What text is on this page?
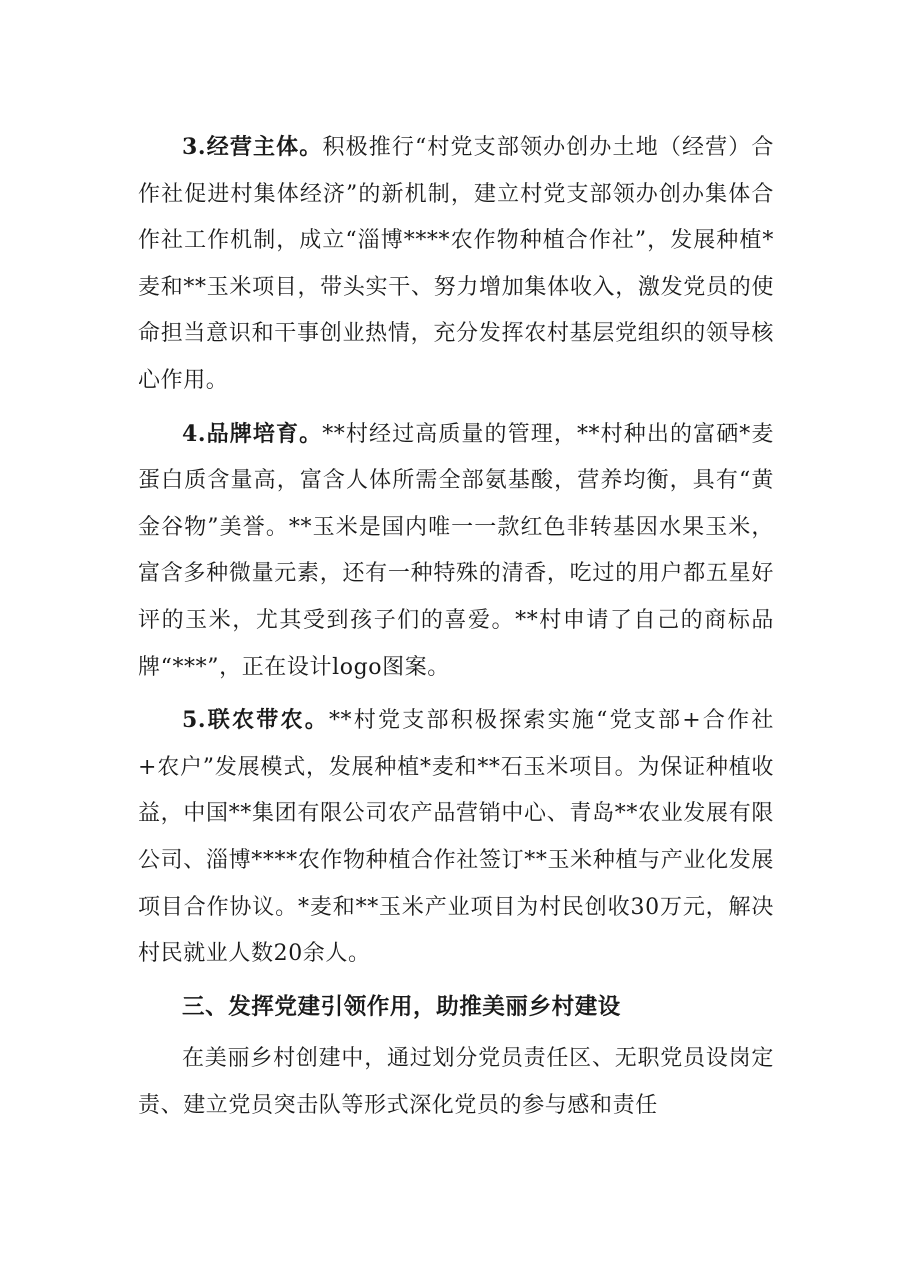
3.经营主体。积极推行“村党支部领办创办土地（经营）合作社促进村集体经济”的新机制，建立村党支部领办创办集体合作社工作机制，成立“淄博****农作物种植合作社”，发展种植*麦和**玉米项目，带头实干、努力增加集体收入，激发党员的使命担当意识和干事创业热情，充分发挥农村基层党组织的领导核心作用。

4.品牌培育。**村经过高质量的管理，**村种出的富硒*麦蛋白质含量高，富含人体所需全部氨基酸，营养均衡，具有“黄金谷物”美誉。**玉米是国内唯一一款红色非转基因水果玉米，富含多种微量元素，还有一种特殊的清香，吃过的用户都五星好评的玉米，尤其受到孩子们的喜爱。**村申请了自己的商标品牌“***”，正在设计logo图案。

5.联农带农。**村党支部积极探索实施“党支部+合作社+农户”发展模式，发展种植*麦和**石玉米项目。为保证种植收益，中国**集团有限公司农产品营销中心、青岛**农业发展有限公司、淄博****农作物种植合作社签订**玉米种植与产业化发展项目合作协议。*麦和**玉米产业项目为村民创收30万元，解决村民就业人数20余人。

三、发挥党建引领作用，助推美丽乡村建设

在美丽乡村创建中，通过划分党员责任区、无职党员设岗定责、建立党员突击队等形式深化党员的参与感和责任
